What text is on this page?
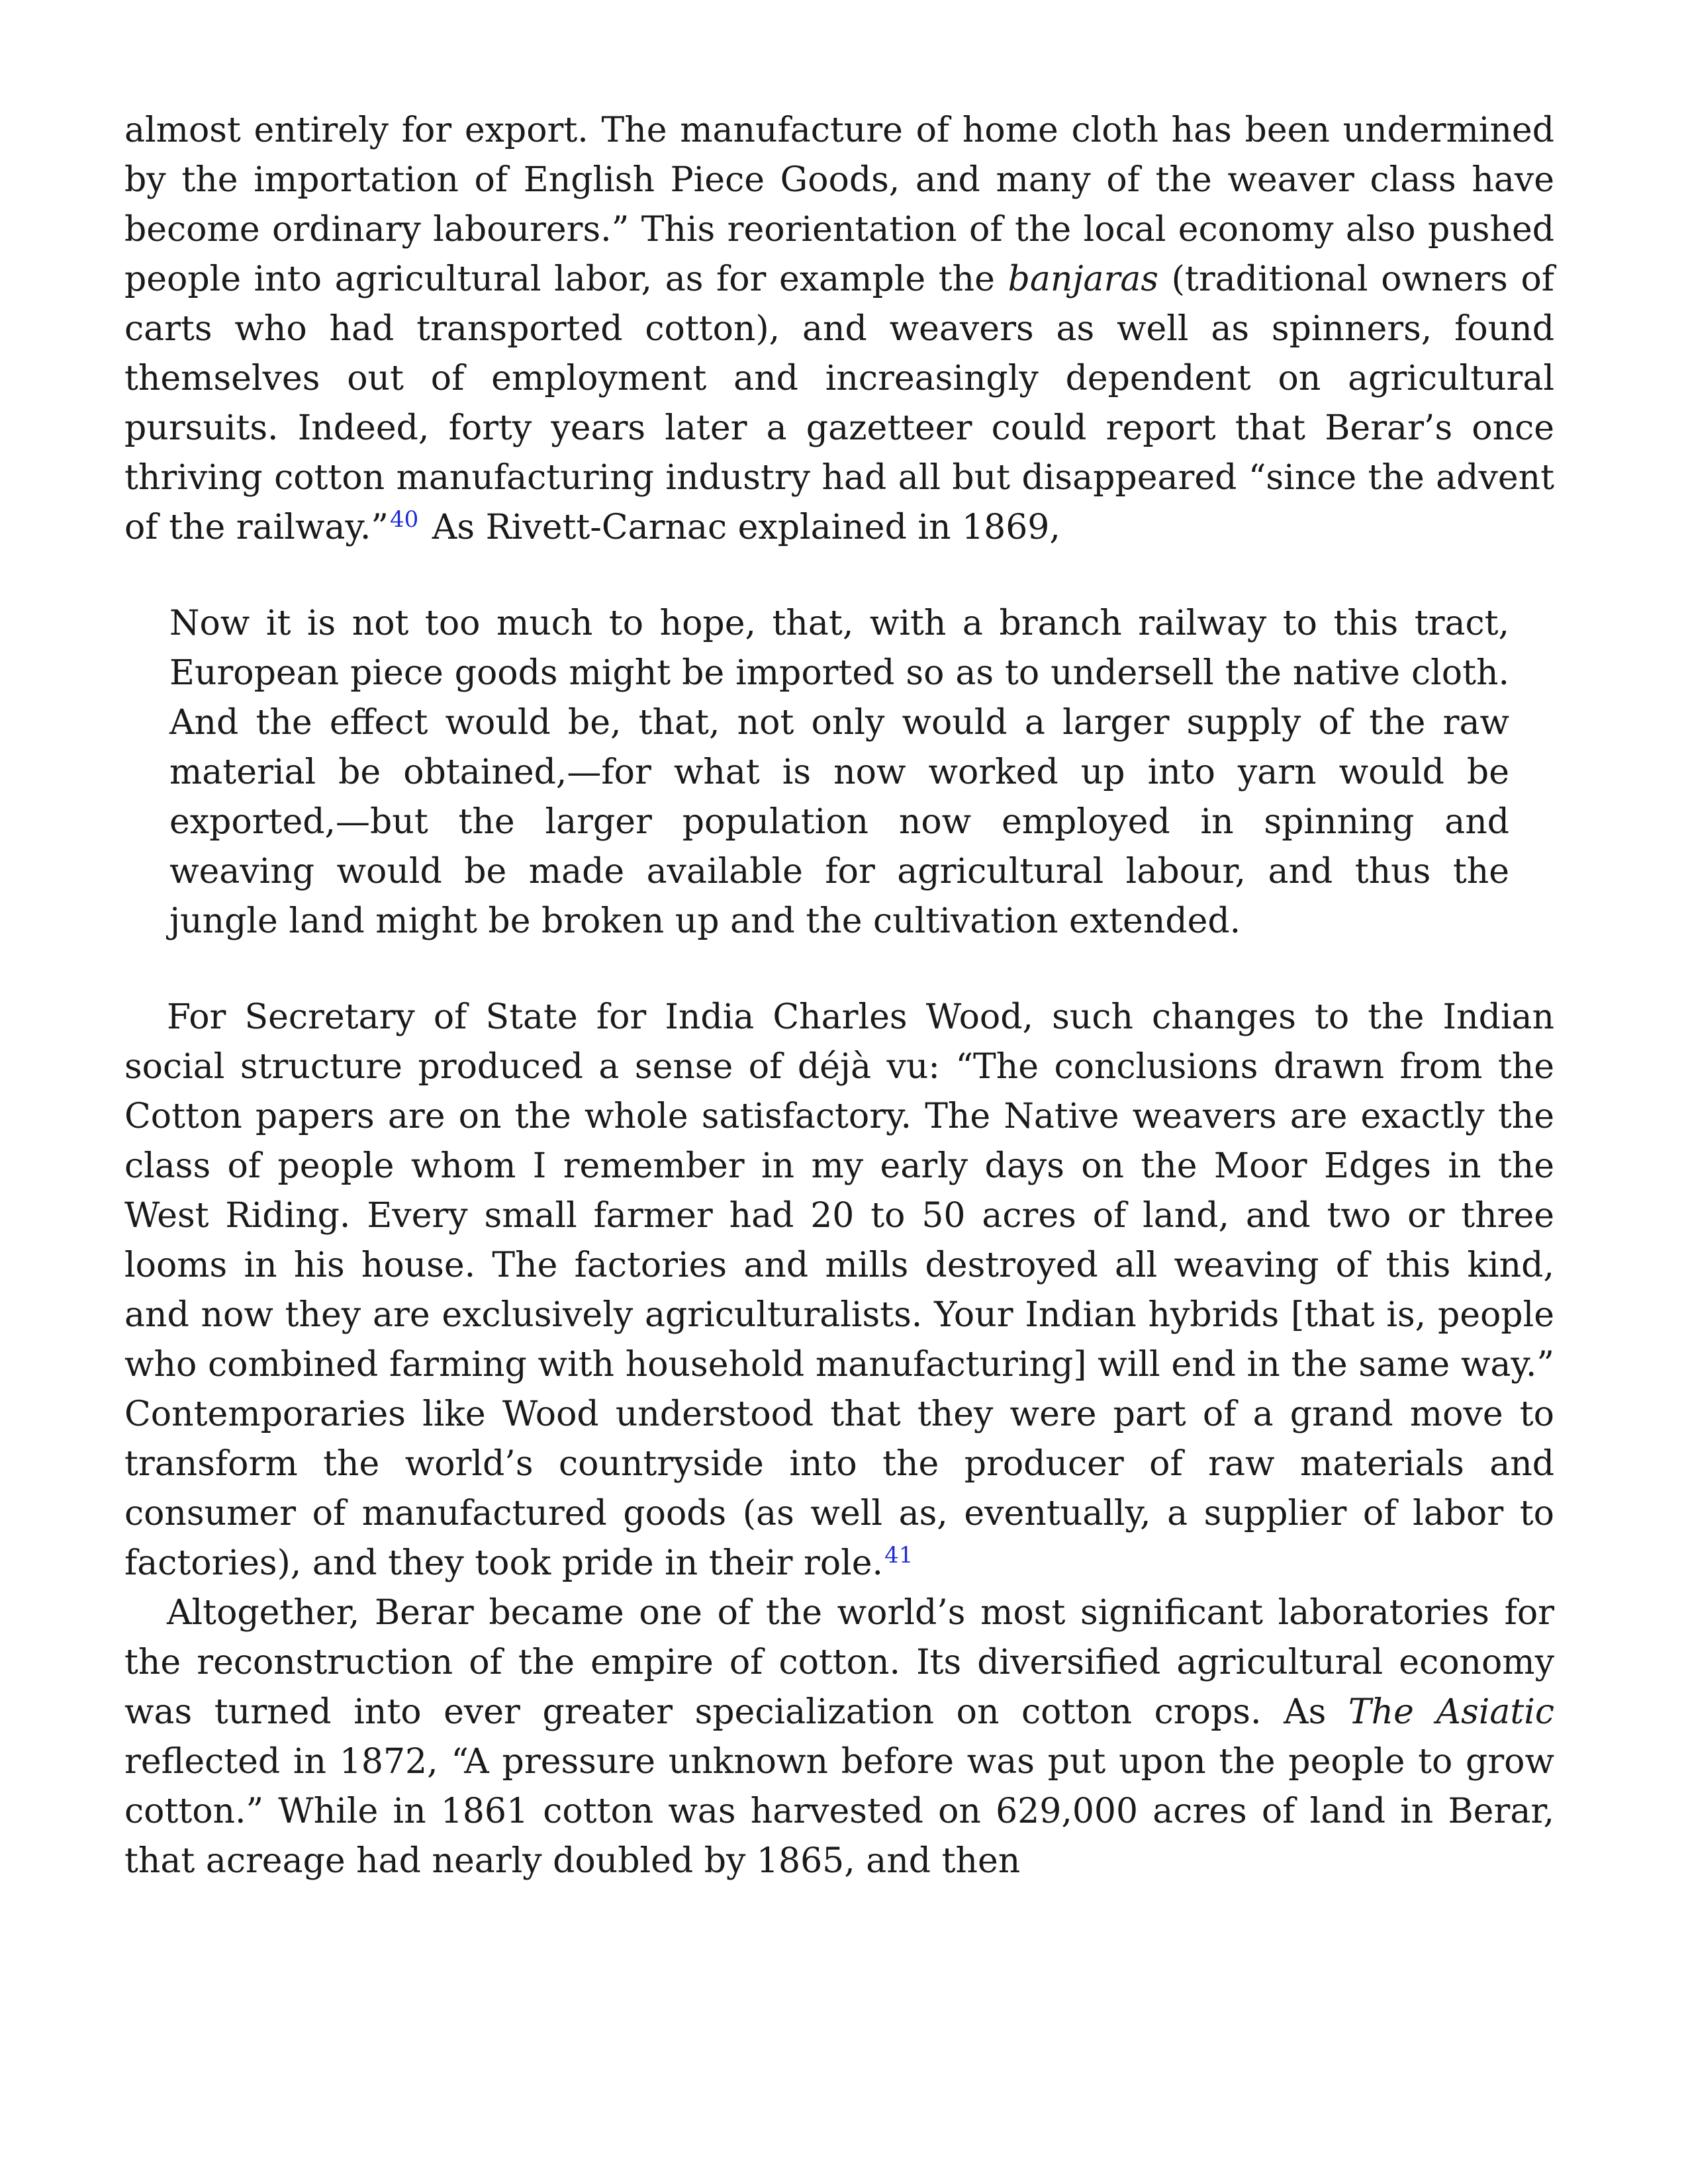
almost entirely for export. The manufacture of home cloth has been undermined by the importation of English Piece Goods, and many of the weaver class have become ordinary labourers.” This reorientation of the local economy also pushed people into agricultural labor, as for example the banjaras (traditional owners of carts who had transported cotton), and weavers as well as spinners, found themselves out of employment and increasingly dependent on agricultural pursuits. Indeed, forty years later a gazetteer could report that Berar’s once thriving cotton manufacturing industry had all but disappeared “since the advent of the railway.”$^{40}$ As Rivett-Carnac explained in 1869,

Now it is not too much to hope, that, with a branch railway to this tract, European piece goods might be imported so as to undersell the native cloth. And the effect would be, that, not only would a larger supply of the raw material be obtained,—for what is now worked up into yarn would be exported,—but the larger population now employed in spinning and weaving would be made available for agricultural labour, and thus the jungle land might be broken up and the cultivation extended.

For Secretary of State for India Charles Wood, such changes to the Indian social structure produced a sense of déjà vu: “The conclusions drawn from the Cotton papers are on the whole satisfactory. The Native weavers are exactly the class of people whom I remember in my early days on the Moor Edges in the West Riding. Every small farmer had 20 to 50 acres of land, and two or three looms in his house. The factories and mills destroyed all weaving of this kind, and now they are exclusively agriculturalists. Your Indian hybrids [that is, people who combined farming with household manufacturing] will end in the same way.” Contemporaries like Wood understood that they were part of a grand move to transform the world’s countryside into the producer of raw materials and consumer of manufactured goods (as well as, eventually, a supplier of labor to factories), and they took pride in their role.$^{41}$

Altogether, Berar became one of the world’s most significant laboratories for the reconstruction of the empire of cotton. Its diversified agricultural economy was turned into ever greater specialization on cotton crops. As The Asiatic reflected in 1872, “A pressure unknown before was put upon the people to grow cotton.” While in 1861 cotton was harvested on 629,000 acres of land in Berar, that acreage had nearly doubled by 1865, and then
